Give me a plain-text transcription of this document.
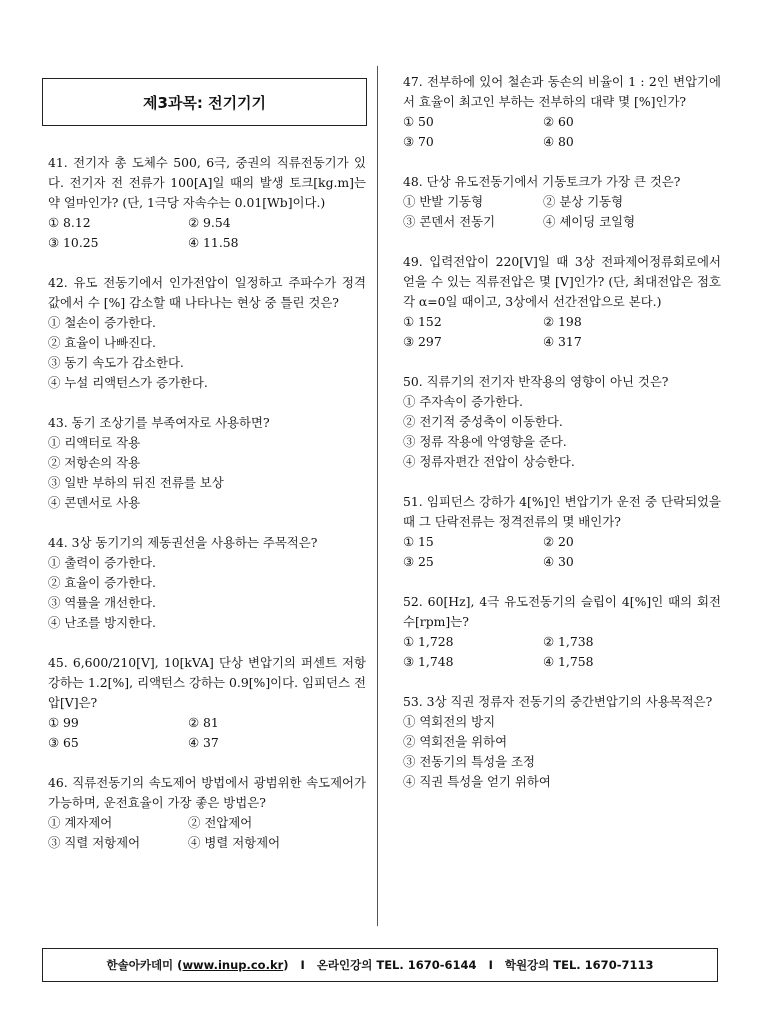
제3과목: 전기기기
41. 전기자 총 도체수 500, 6극, 중권의 직류전동기가 있다. 전기자 전 전류가 100[A]일 때의 발생 토크[kg.m]는 약 얼마인가? (단, 1극당 자속수는 0.01[Wb]이다.)
① 8.12	② 9.54
③ 10.25	④ 11.58
42. 유도 전동기에서 인가전압이 일정하고 주파수가 정격 값에서 수 [%] 감소할 때 나타나는 현상 중 틀린 것은?
① 철손이 증가한다.
② 효율이 나빠진다.
③ 동기 속도가 감소한다.
④ 누설 리액턴스가 증가한다.
43. 동기 조상기를 부족여자로 사용하면?
① 리액터로 작용
② 저항손의 작용
③ 일반 부하의 뒤진 전류를 보상
④ 콘덴서로 사용
44. 3상 동기기의 제동권선을 사용하는 주목적은?
① 출력이 증가한다.
② 효율이 증가한다.
③ 역률을 개선한다.
④ 난조를 방지한다.
45. 6,600/210[V], 10[kVA] 단상 변압기의 퍼센트 저항 강하는 1.2[%], 리액턴스 강하는 0.9[%]이다. 임피던스 전압[V]은?
① 99	② 81
③ 65	④ 37
46. 직류전동기의 속도제어 방법에서 광범위한 속도제어가 가능하며, 운전효율이 가장 좋은 방법은?
① 계자제어	② 전압제어
③ 직렬 저항제어	④ 병렬 저항제어
47. 전부하에 있어 철손과 동손의 비율이 1 : 2인 변압기에서 효율이 최고인 부하는 전부하의 대략 몇 [%]인가?
① 50	② 60
③ 70	④ 80
48. 단상 유도전동기에서 기동토크가 가장 큰 것은?
① 반발 기동형	② 분상 기동형
③ 콘덴서 전동기	④ 셰이딩 코일형
49. 입력전압이 220[V]일 때 3상 전파제어정류회로에서 얻을 수 있는 직류전압은 몇 [V]인가? (단, 최대전압은 점호각 α=0일 때이고, 3상에서 선간전압으로 본다.)
① 152	② 198
③ 297	④ 317
50. 직류기의 전기자 반작용의 영향이 아닌 것은?
① 주자속이 증가한다.
② 전기적 중성축이 이동한다.
③ 정류 작용에 악영향을 준다.
④ 정류자편간 전압이 상승한다.
51. 임피던스 강하가 4[%]인 변압기가 운전 중 단락되었을 때 그 단락전류는 정격전류의 몇 배인가?
① 15	② 20
③ 25	④ 30
52. 60[Hz], 4극 유도전동기의 슬립이 4[%]인 때의 회전수[rpm]는?
① 1,728	② 1,738
③ 1,748	④ 1,758
53. 3상 직권 정류자 전동기의 중간변압기의 사용목적은?
① 역회전의 방지
② 역회전을 위하여
③ 전동기의 특성을 조정
④ 직권 특성을 얻기 위하여
한솔아카데미 ( www.inup.co.kr ) I 온라인강의 TEL. 1670-6144 I 학원강의 TEL. 1670-7113
